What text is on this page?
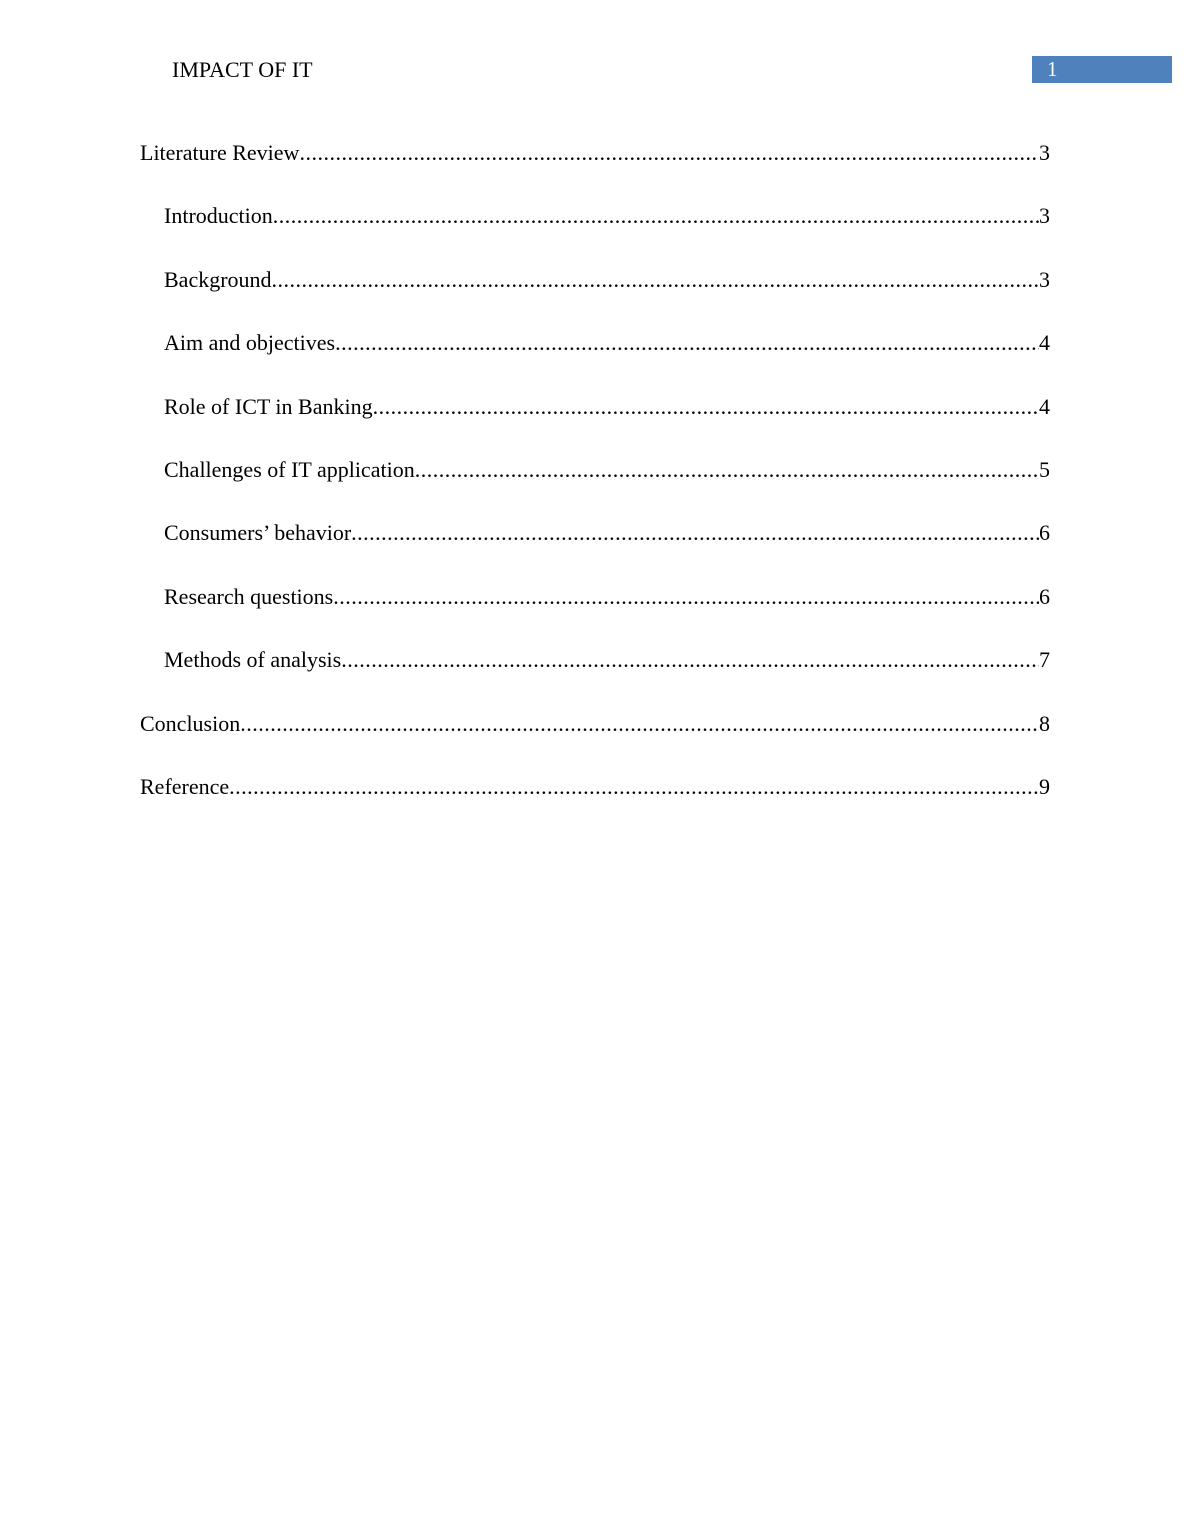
IMPACT OF IT	1
Literature Review .....	3
Introduction .....	3
Background .....	3
Aim and objectives .....	4
Role of ICT in Banking .....	4
Challenges of IT application .....	5
Consumers’ behavior .....	6
Research questions .....	6
Methods of analysis .....	7
Conclusion .....	8
Reference .....	9
